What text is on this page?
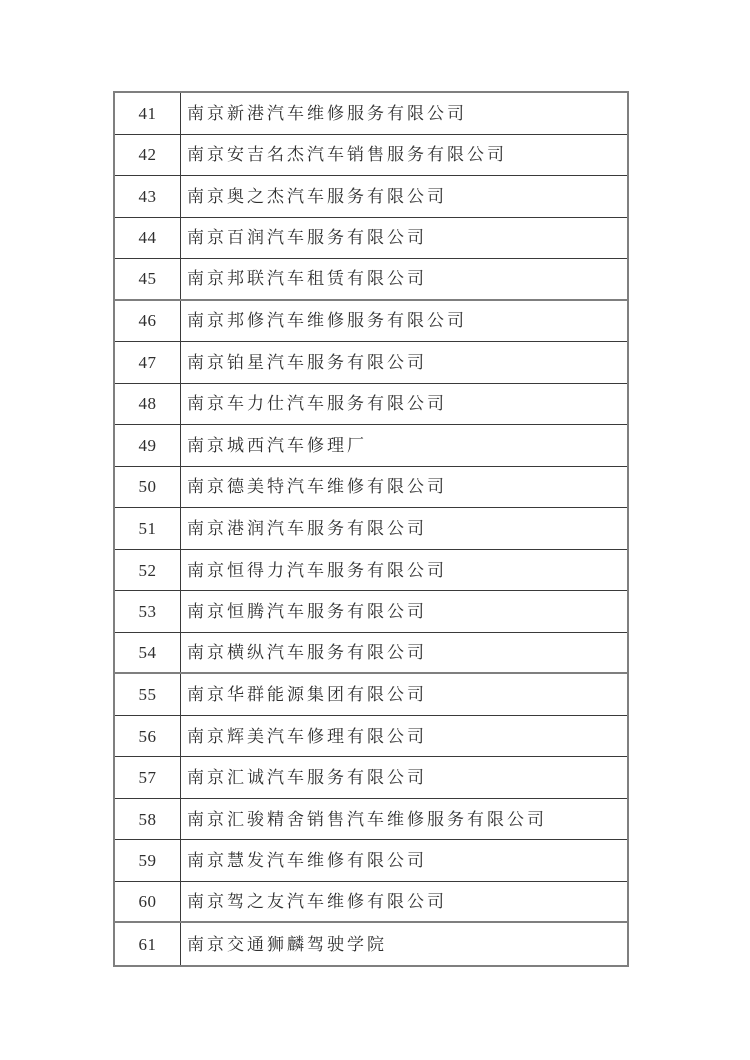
41	南京新港汽车维修服务有限公司
42	南京安吉名杰汽车销售服务有限公司
43	南京奥之杰汽车服务有限公司
44	南京百润汽车服务有限公司
45	南京邦联汽车租赁有限公司
46	南京邦修汽车维修服务有限公司
47	南京铂星汽车服务有限公司
48	南京车力仕汽车服务有限公司
49	南京城西汽车修理厂
50	南京德美特汽车维修有限公司
51	南京港润汽车服务有限公司
52	南京恒得力汽车服务有限公司
53	南京恒腾汽车服务有限公司
54	南京横纵汽车服务有限公司
55	南京华群能源集团有限公司
56	南京辉美汽车修理有限公司
57	南京汇诚汽车服务有限公司
58	南京汇骏精舍销售汽车维修服务有限公司
59	南京慧发汽车维修有限公司
60	南京驾之友汽车维修有限公司
61	南京交通狮麟驾驶学院
